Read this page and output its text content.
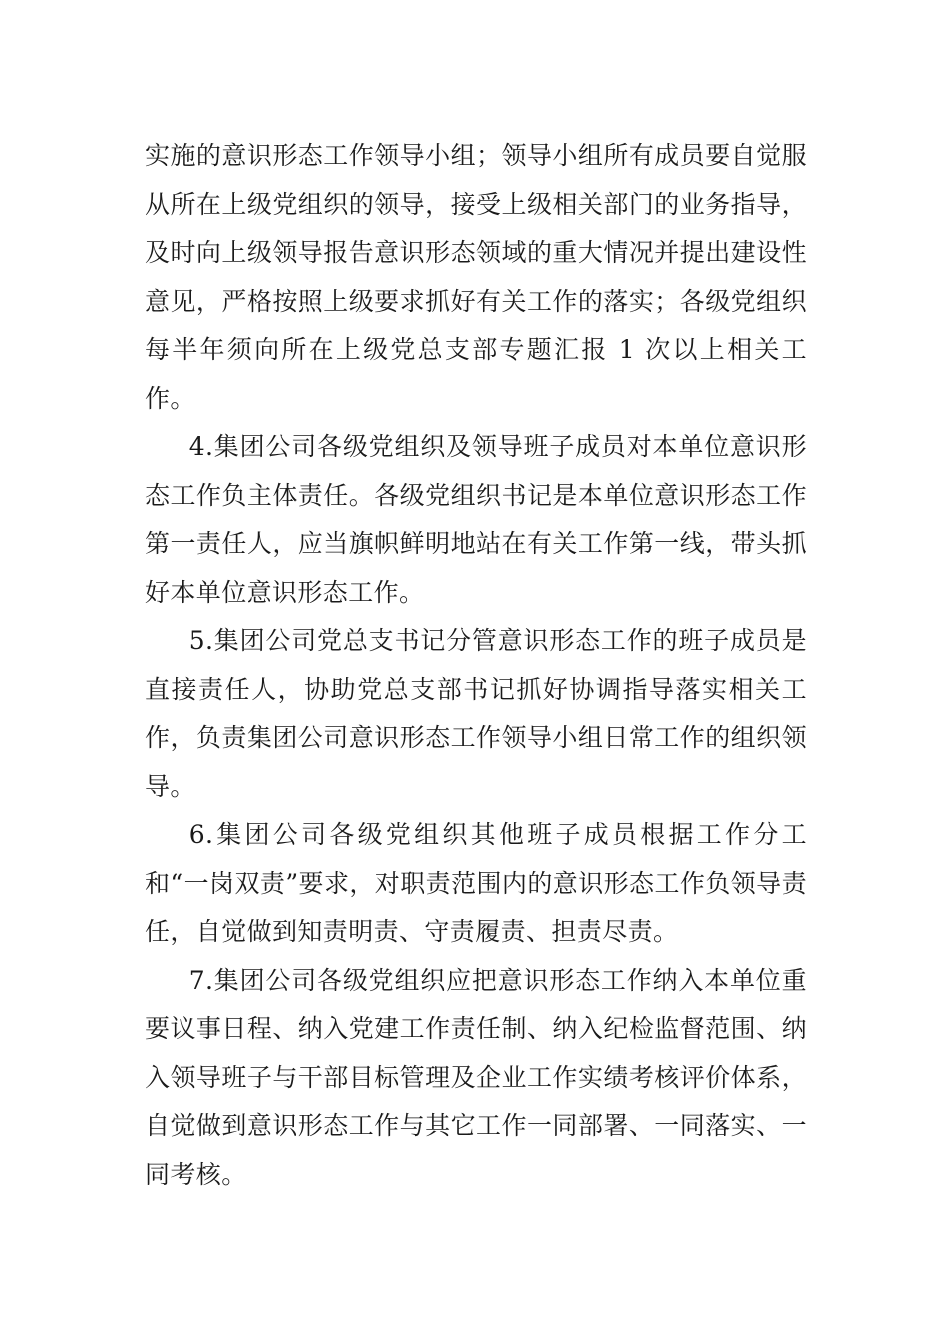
实施的意识形态工作领导小组；领导小组所有成员要自觉服从所在上级党组织的领导，接受上级相关部门的业务指导，及时向上级领导报告意识形态领域的重大情况并提出建设性意见，严格按照上级要求抓好有关工作的落实；各级党组织每半年须向所在上级党总支部专题汇报 1 次以上相关工作。

4.集团公司各级党组织及领导班子成员对本单位意识形态工作负主体责任。各级党组织书记是本单位意识形态工作第一责任人，应当旗帜鲜明地站在有关工作第一线，带头抓好本单位意识形态工作。

5.集团公司党总支书记分管意识形态工作的班子成员是直接责任人，协助党总支部书记抓好协调指导落实相关工作，负责集团公司意识形态工作领导小组日常工作的组织领导。

6.集团公司各级党组织其他班子成员根据工作分工和“一岗双责”要求，对职责范围内的意识形态工作负领导责任，自觉做到知责明责、守责履责、担责尽责。

7.集团公司各级党组织应把意识形态工作纳入本单位重要议事日程、纳入党建工作责任制、纳入纪检监督范围、纳入领导班子与干部目标管理及企业工作实绩考核评价体系，自觉做到意识形态工作与其它工作一同部署、一同落实、一同考核。
